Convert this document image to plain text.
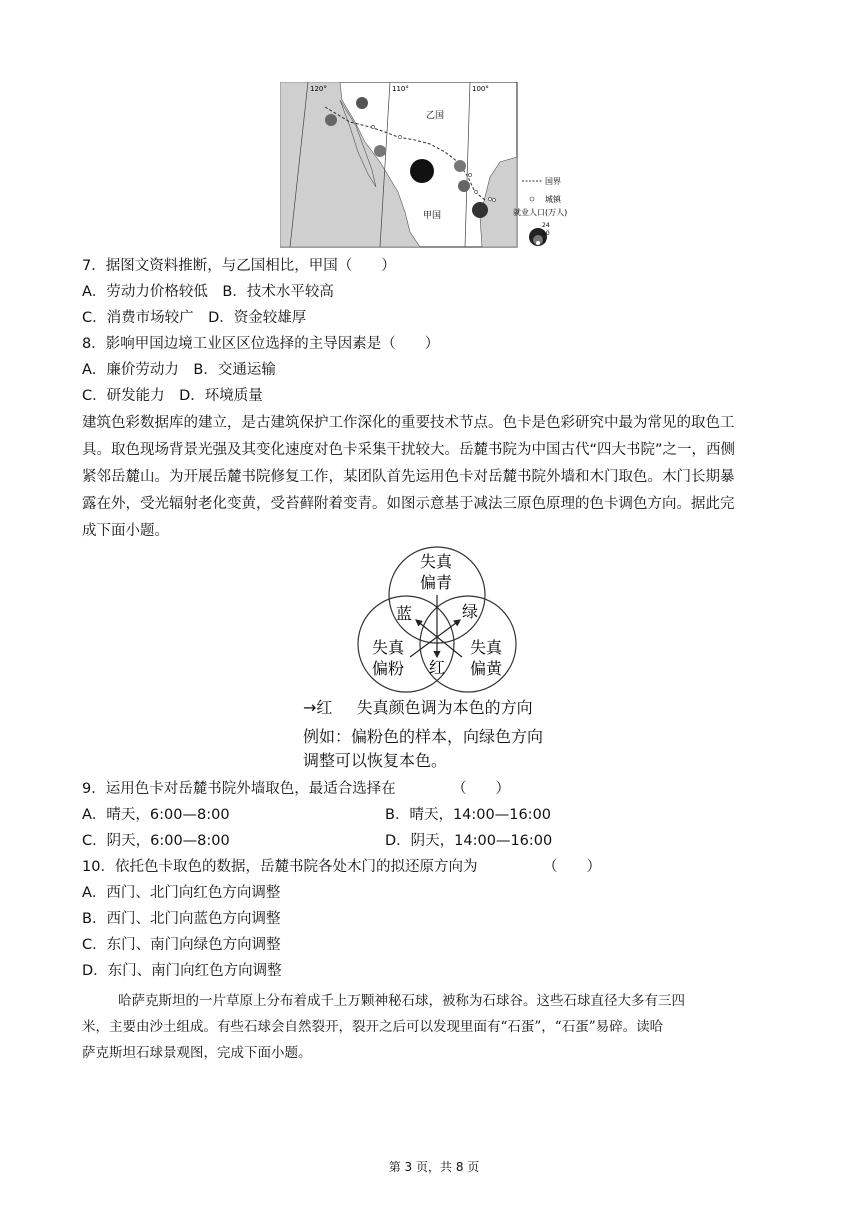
120°	110°	100°
乙国
甲国
国界
城镇
就业人口(万人)
24
10
1
7．据图文资料推断，与乙国相比，甲国（　　）
A．劳动力价格较低　B．技术水平较高
C．消费市场较广　D．资金较雄厚
8．影响甲国边境工业区区位选择的主导因素是（　　）
A．廉价劳动力　B．交通运输
C．研发能力　D．环境质量
建筑色彩数据库的建立，是古建筑保护工作深化的重要技术节点。色卡是色彩研究中最为常见的取色工
具。取色现场背景光强及其变化速度对色卡采集干扰较大。岳麓书院为中国古代“四大书院”之一，西侧
紧邻岳麓山。为开展岳麓书院修复工作，某团队首先运用色卡对岳麓书院外墙和木门取色。木门长期暴
露在外，受光辐射老化变黄，受苔藓附着变青。如图示意基于减法三原色原理的色卡调色方向。据此完
成下面小题。
失真
偏青
失真
偏粉
失真
偏黄
蓝	绿
红
→红 失真颜色调为本色的方向
例如：偏粉色的样本，向绿色方向
调整可以恢复本色。
9．运用色卡对岳麓书院外墙取色，最适合选择在	（　　）
A．晴天，6:00—8:00	B．晴天，14:00—16:00
C．阴天，6:00—8:00	D．阴天，14:00—16:00
10．依托色卡取色的数据，岳麓书院各处木门的拟还原方向为	（　　）
A．西门、北门向红色方向调整
B．西门、北门向蓝色方向调整
C．东门、南门向绿色方向调整
D．东门、南门向红色方向调整
哈萨克斯坦的一片草原上分布着成千上万颗神秘石球，被称为石球谷。这些石球直径大多有三四
米，主要由沙土组成。有些石球会自然裂开，裂开之后可以发现里面有“石蛋”，“石蛋”易碎。读哈
萨克斯坦石球景观图，完成下面小题。
第 3 页，共 8 页
